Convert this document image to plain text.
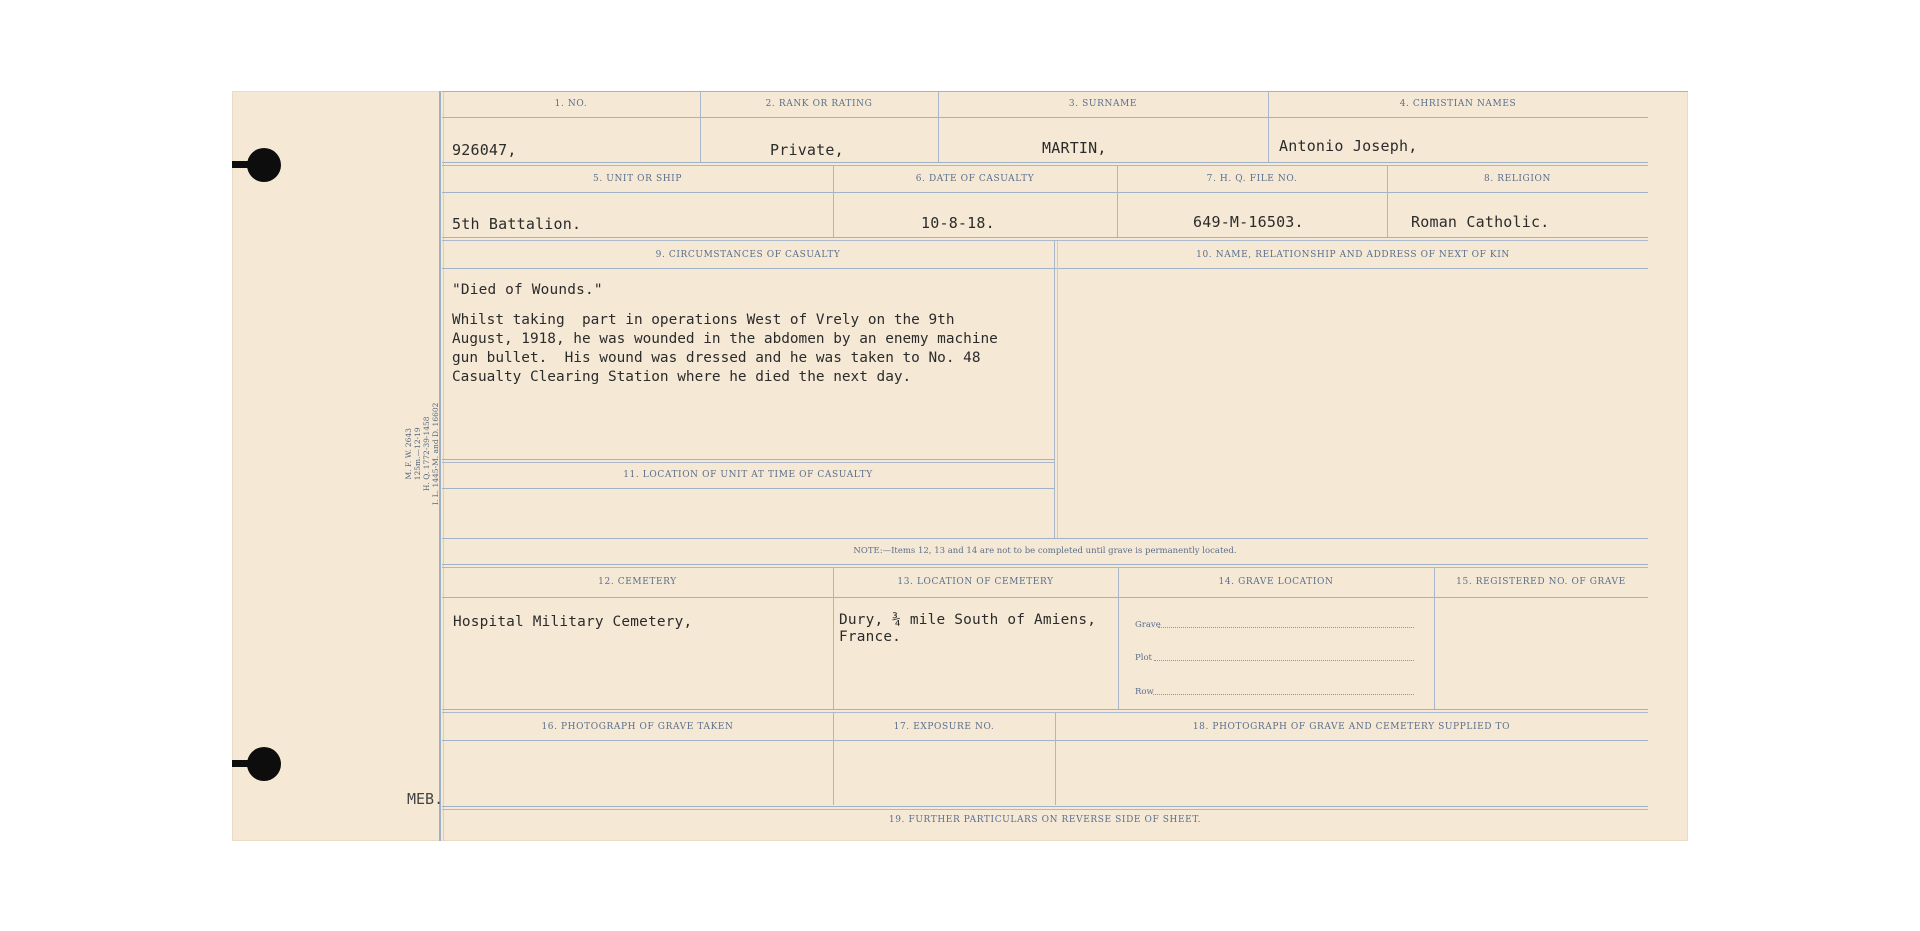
M. F. W. 2643 125m.—12-19 H. Q. 1772-39-1458 I. L. 1445-M. and D. 16602
1. NO.	2. RANK OR RATING	3. SURNAME	4. CHRISTIAN NAMES
926047,	Private,	MARTIN,	Antonio Joseph,
5. UNIT OR SHIP	6. DATE OF CASUALTY	7. H. Q. FILE NO.	8. RELIGION
5th Battalion.	10-8-18.	649-M-16503.	Roman Catholic.
9. CIRCUMSTANCES OF CASUALTY	10. NAME, RELATIONSHIP AND ADDRESS OF NEXT OF KIN
"Died of Wounds."
Whilst taking  part in operations West of Vrely on the 9th
August, 1918, he was wounded in the abdomen by an enemy machine
gun bullet.  His wound was dressed and he was taken to No. 48
Casualty Clearing Station where he died the next day.
11. LOCATION OF UNIT AT TIME OF CASUALTY
NOTE:—Items 12, 13 and 14 are not to be completed until grave is permanently located.
12. CEMETERY	13. LOCATION OF CEMETERY	14. GRAVE LOCATION	15. REGISTERED NO. OF GRAVE
Hospital Military Cemetery,	Dury, ¾ mile South of Amiens,
France.
Grave
Plot
Row
16. PHOTOGRAPH OF GRAVE TAKEN	17. EXPOSURE NO.	18. PHOTOGRAPH OF GRAVE AND CEMETERY SUPPLIED TO
19. FURTHER PARTICULARS ON REVERSE SIDE OF SHEET.
MEB.
